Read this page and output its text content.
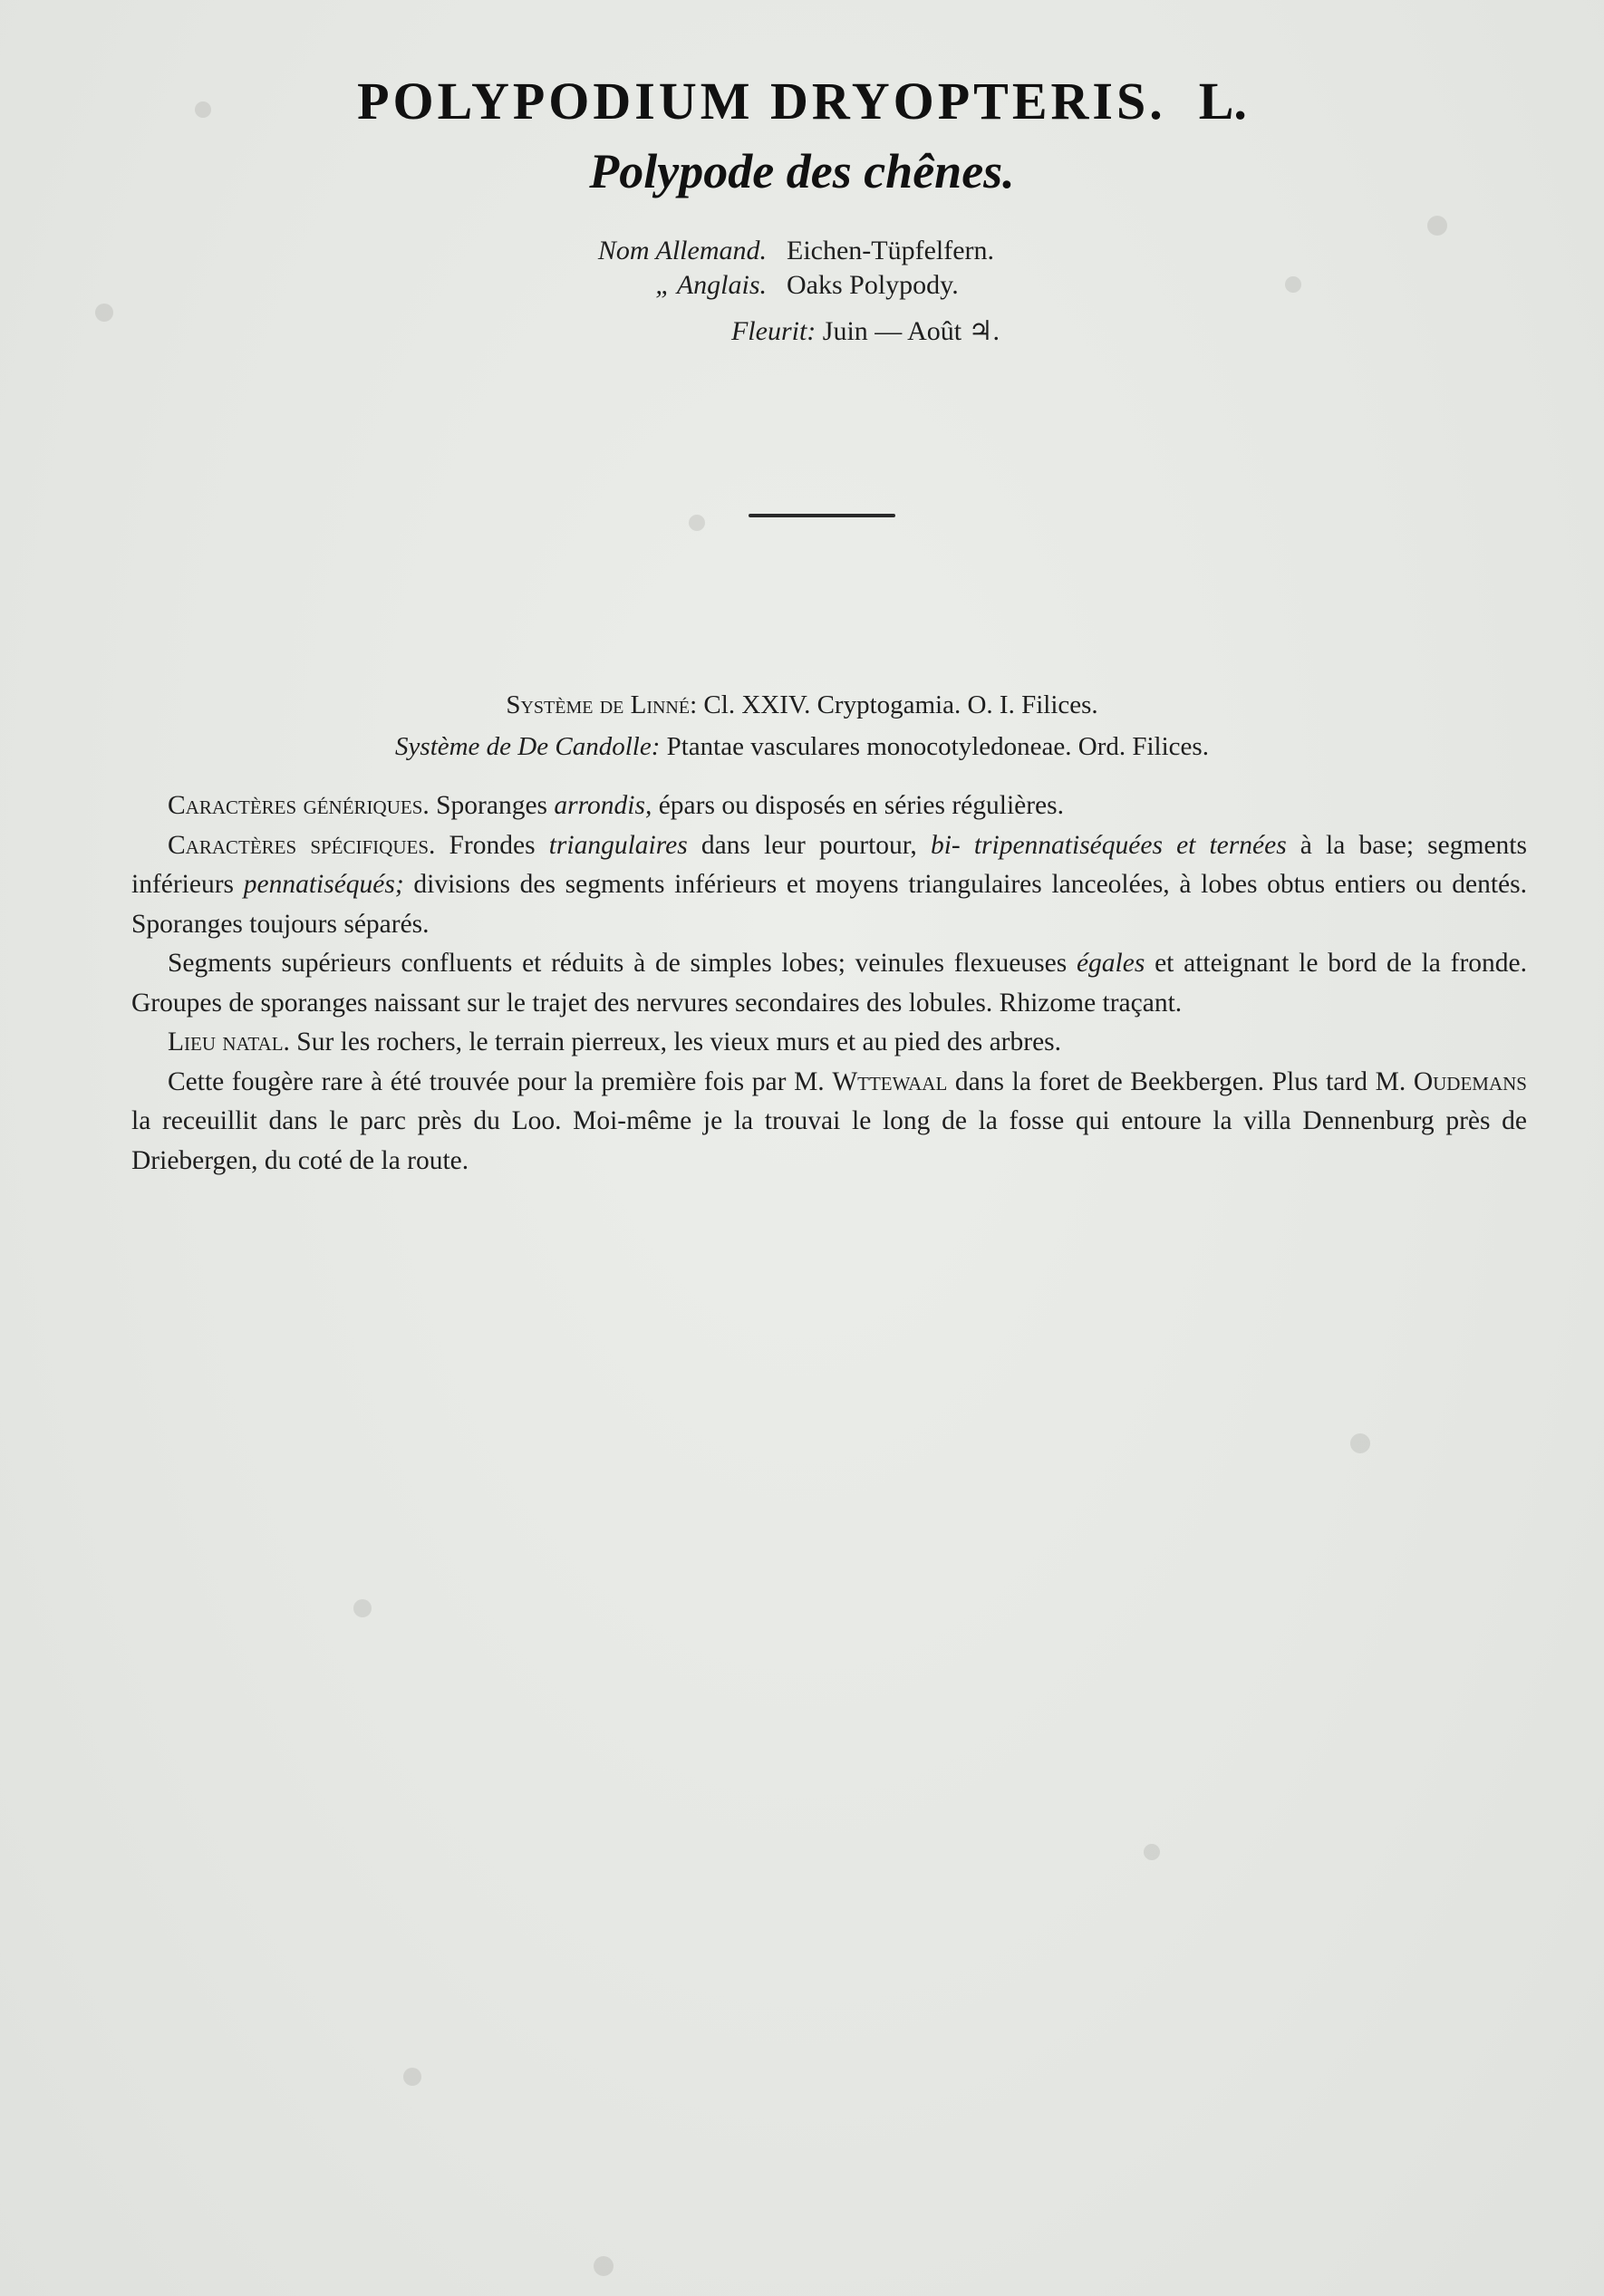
POLYPODIUM DRYOPTERIS. L.
Polypode des chênes.
Nom Allemand. Eichen-Tüpfelfern.
„ Anglais. Oaks Polypody.
Fleurit: Juin — Août ♃.
Système de Linné: Cl. XXIV. Cryptogamia. O. I. Filices.
Système de De Candolle: Ptantae vasculares monocotyledoneae. Ord. Filices.

Caractères génériques. Sporanges arrondis, épars ou disposés en séries régulières.

Caractères spécifiques. Frondes triangulaires dans leur pourtour, bi- tripennatiséquées et ternées à la base; segments inférieurs pennatiséqués; divisions des segments inférieurs et moyens triangulaires lanceolées, à lobes obtus entiers ou dentés. Sporanges toujours séparés.

Segments supérieurs confluents et réduits à de simples lobes; veinules flexueuses égales et atteignant le bord de la fronde. Groupes de sporanges naissant sur le trajet des nervures secondaires des lobules. Rhizome traçant.

Lieu natal. Sur les rochers, le terrain pierreux, les vieux murs et au pied des arbres.

Cette fougère rare à été trouvée pour la première fois par M. Wttewaal dans la foret de Beekbergen. Plus tard M. Oudemans la receuillit dans le parc près du Loo. Moi-même je la trouvai le long de la fosse qui entoure la villa Dennenburg près de Driebergen, du coté de la route.
